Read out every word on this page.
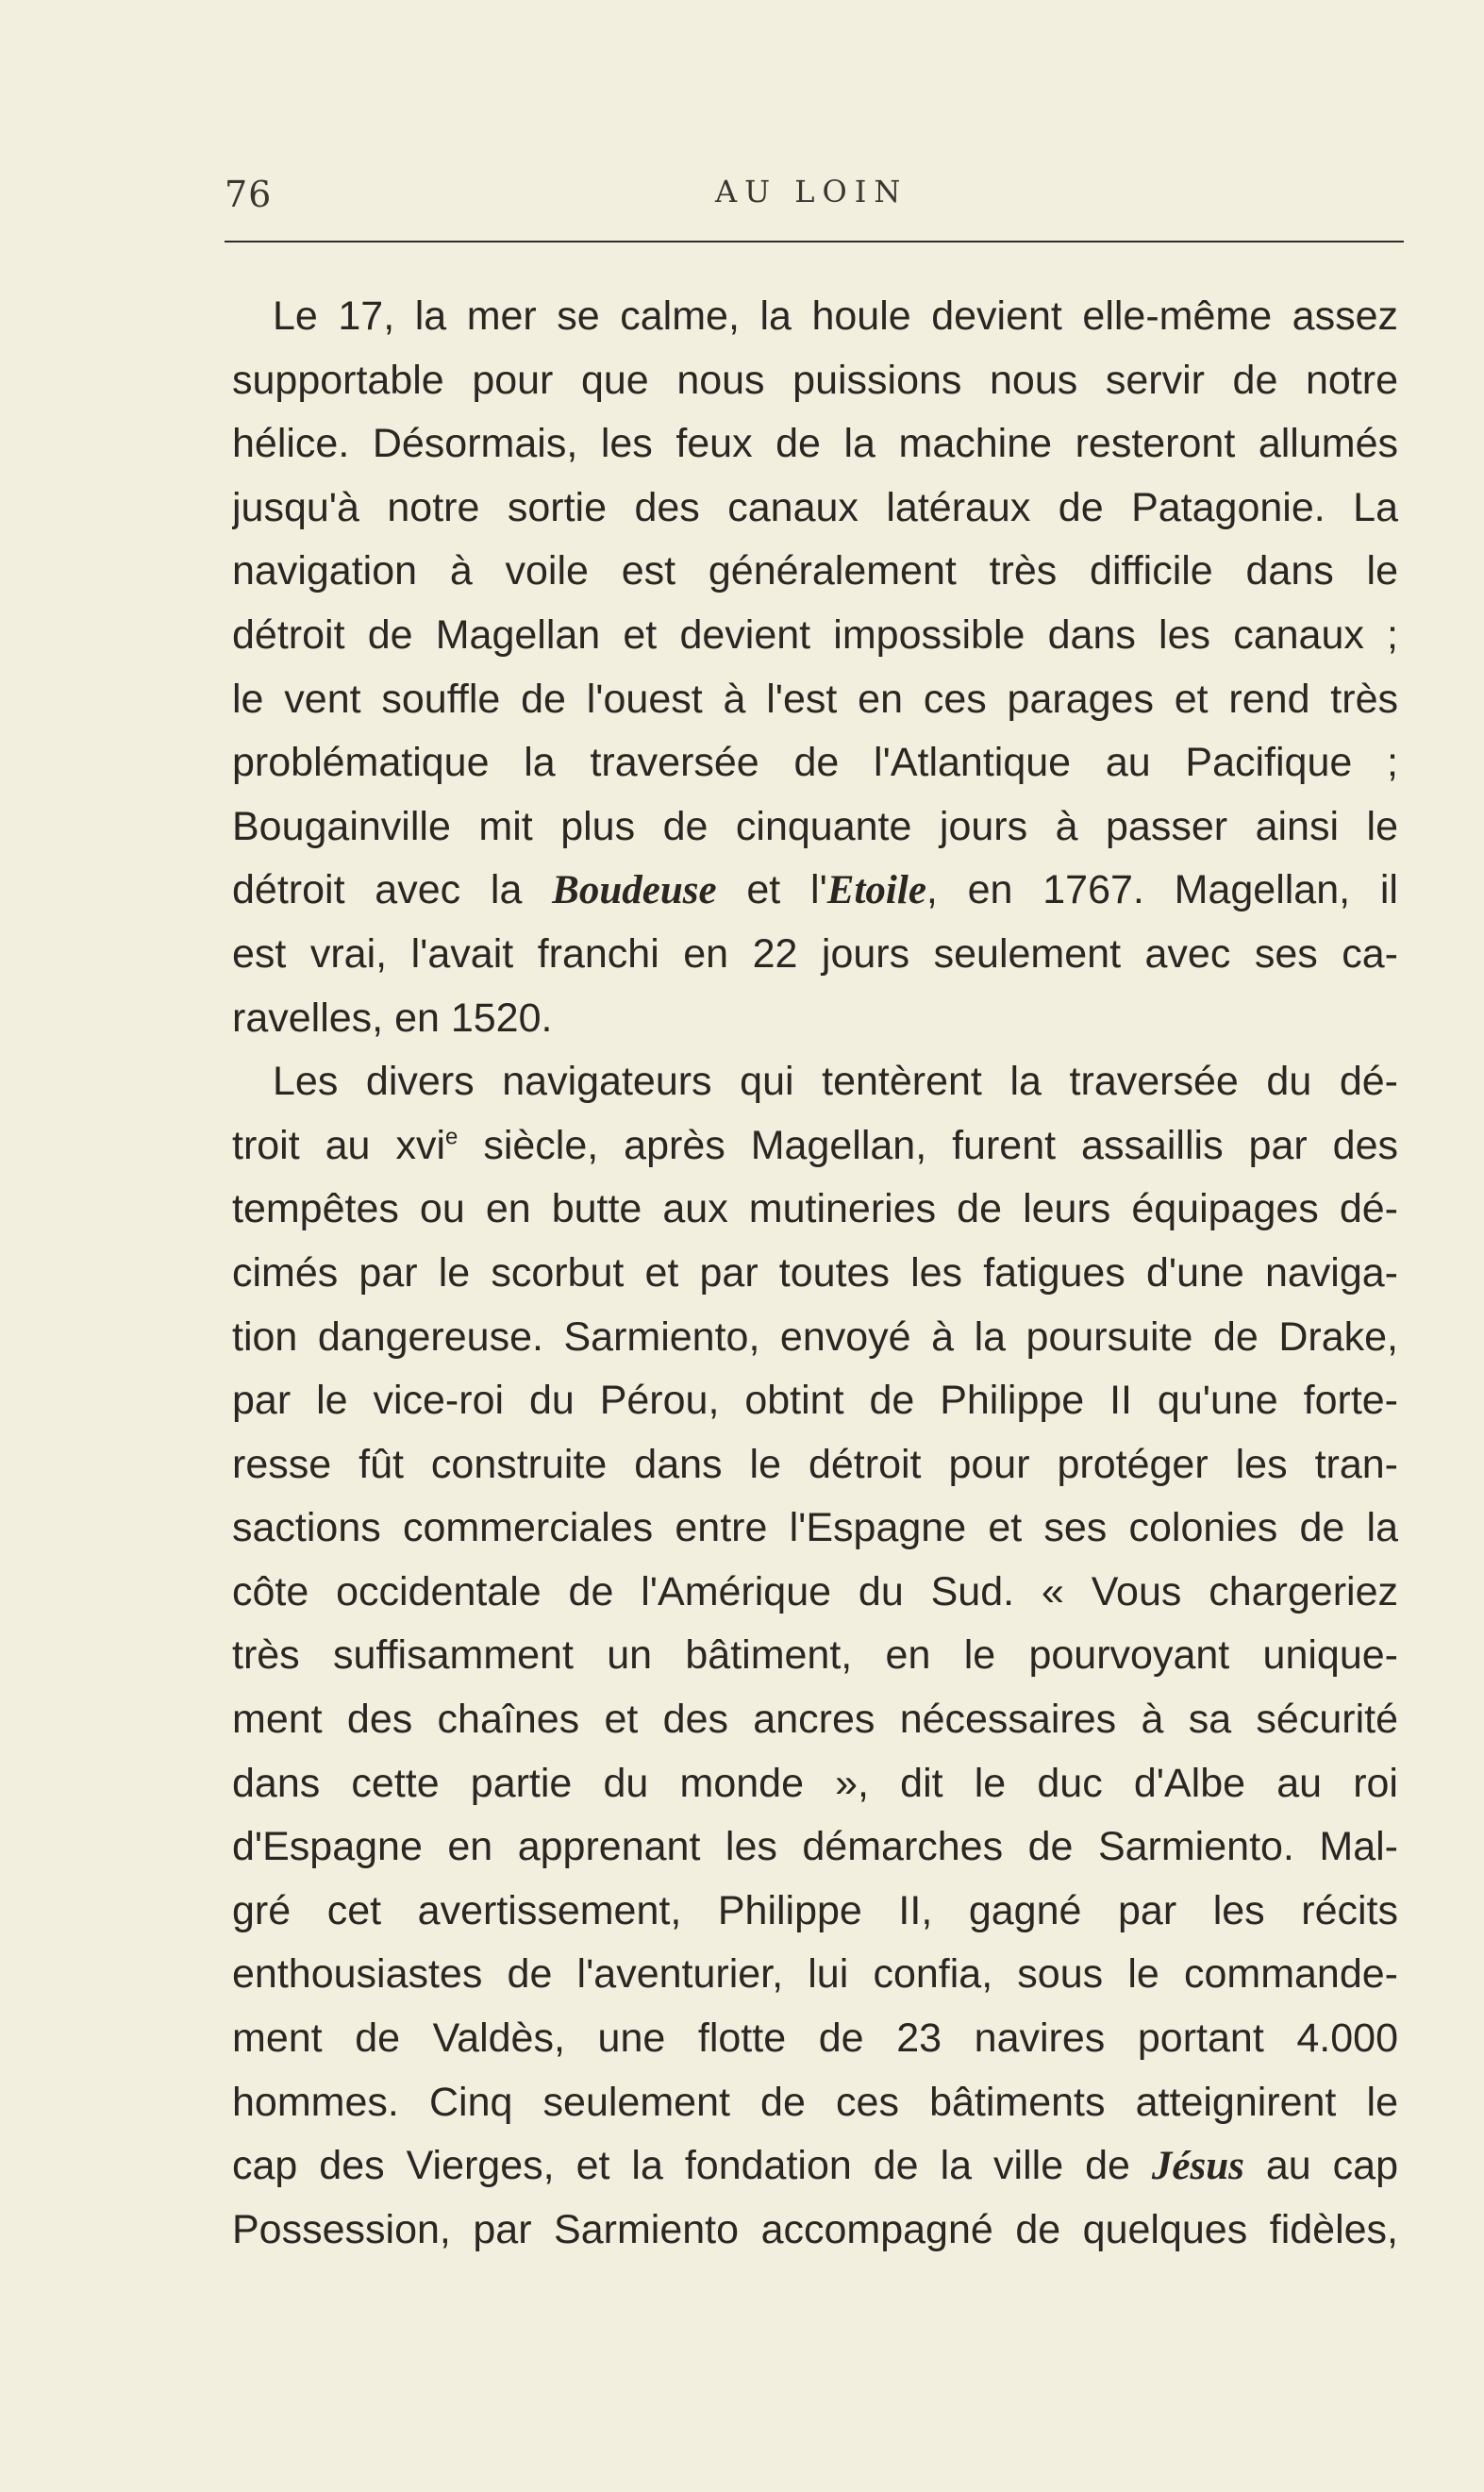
76	AU LOIN
Le 17, la mer se calme, la houle devient elle-même assez
supportable pour que nous puissions nous servir de notre
hélice. Désormais, les feux de la machine resteront allumés
jusqu'à notre sortie des canaux latéraux de Patagonie. La
navigation à voile est généralement très difficile dans le
détroit de Magellan et devient impossible dans les canaux ;
le vent souffle de l'ouest à l'est en ces parages et rend très
problématique la traversée de l'Atlantique au Pacifique ;
Bougainville mit plus de cinquante jours à passer ainsi le
détroit avec la Boudeuse et l'Etoile, en 1767. Magellan, il
est vrai, l'avait franchi en 22 jours seulement avec ses ca-
ravelles, en 1520.
Les divers navigateurs qui tentèrent la traversée du dé-
troit au xvi$^e$ siècle, après Magellan, furent assaillis par des
tempêtes ou en butte aux mutineries de leurs équipages dé-
cimés par le scorbut et par toutes les fatigues d'une naviga-
tion dangereuse. Sarmiento, envoyé à la poursuite de Drake,
par le vice-roi du Pérou, obtint de Philippe II qu'une forte-
resse fût construite dans le détroit pour protéger les tran-
sactions commerciales entre l'Espagne et ses colonies de la
côte occidentale de l'Amérique du Sud. « Vous chargeriez
très suffisamment un bâtiment, en le pourvoyant unique-
ment des chaînes et des ancres nécessaires à sa sécurité
dans cette partie du monde », dit le duc d'Albe au roi
d'Espagne en apprenant les démarches de Sarmiento. Mal-
gré cet avertissement, Philippe II, gagné par les récits
enthousiastes de l'aventurier, lui confia, sous le commande-
ment de Valdès, une flotte de 23 navires portant 4.000
hommes. Cinq seulement de ces bâtiments atteignirent le
cap des Vierges, et la fondation de la ville de Jésus au cap
Possession, par Sarmiento accompagné de quelques fidèles,
